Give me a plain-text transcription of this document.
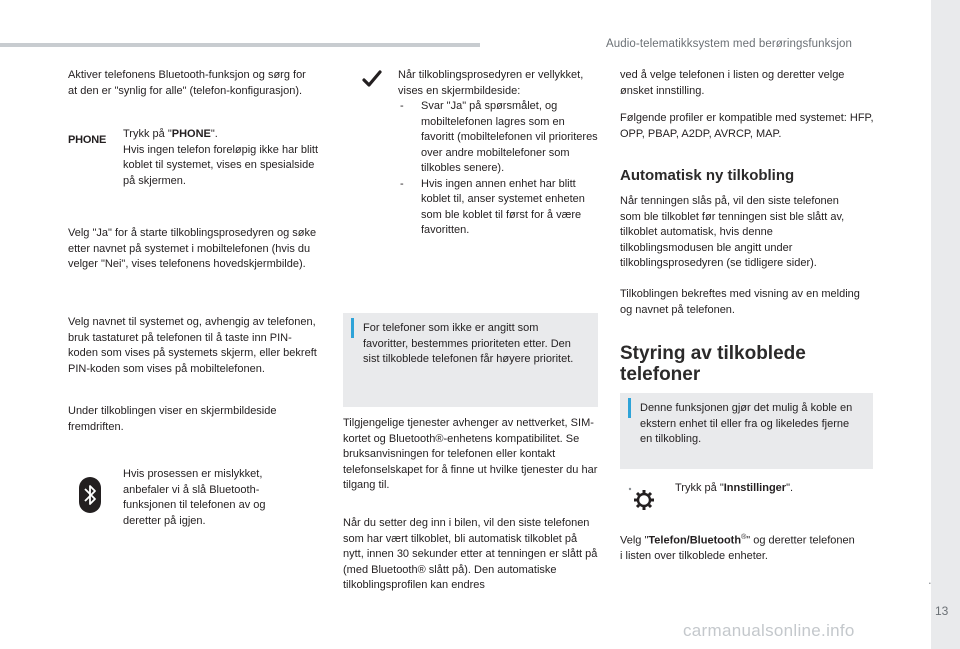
Audio-telematikksystem med berøringsfunksjon
.
13
carmanualsonline.info
Aktiver telefonens Bluetooth-funksjon og sørg for at den er "synlig for alle" (telefon-konfigurasjon).
PHONE Trykk på "PHONE".
Hvis ingen telefon foreløpig ikke har blitt koblet til systemet, vises en spesialside på skjermen.
Velg "Ja" for å starte tilkoblingsprosedyren og søke etter navnet på systemet i mobiltelefonen (hvis du velger "Nei", vises telefonens hovedskjermbilde).
Velg navnet til systemet og, avhengig av telefonen, bruk tastaturet på telefonen til å taste inn PIN-koden som vises på systemets skjerm, eller bekreft PIN-koden som vises på mobiltelefonen.
Under tilkoblingen viser en skjermbildeside fremdriften.
Hvis prosessen er mislykket, anbefaler vi å slå Bluetooth-funksjonen til telefonen av og deretter på igjen.
Når tilkoblingsprosedyren er vellykket, vises en skjermbildeside:
- Svar "Ja" på spørsmålet, og mobiltelefonen lagres som en favoritt (mobiltelefonen vil prioriteres over andre mobiltelefoner som tilkobles senere).
- Hvis ingen annen enhet har blitt koblet til, anser systemet enheten som ble koblet til først for å være favoritten.
For telefoner som ikke er angitt som favoritter, bestemmes prioriteten etter. Den sist tilkoblede telefonen får høyere prioritet.
Tilgjengelige tjenester avhenger av nettverket, SIM-kortet og Bluetooth®-enhetens kompatibilitet. Se bruksanvisningen for telefonen eller kontakt telefonselskapet for å finne ut hvilke tjenester du har tilgang til.
Når du setter deg inn i bilen, vil den siste telefonen som har vært tilkoblet, bli automatisk tilkoblet på nytt, innen 30 sekunder etter at tenningen er slått på (med Bluetooth® slått på). Den automatiske tilkoblingsprofilen kan endres
ved å velge telefonen i listen og deretter velge ønsket innstilling.
Følgende profiler er kompatible med systemet: HFP, OPP, PBAP, A2DP, AVRCP, MAP.
Automatisk ny tilkobling
Når tenningen slås på, vil den siste telefonen som ble tilkoblet før tenningen sist ble slått av, tilkoblet automatisk, hvis denne tilkoblingsmodusen ble angitt under tilkoblingsprosedyren (se tidligere sider).
Tilkoblingen bekreftes med visning av en melding og navnet på telefonen.
Styring av tilkoblede telefoner
Denne funksjonen gjør det mulig å koble en ekstern enhet til eller fra og likeledes fjerne en tilkobling.
Trykk på "Innstillinger".
Velg "Telefon/Bluetooth®" og deretter telefonen i listen over tilkoblede enheter.
